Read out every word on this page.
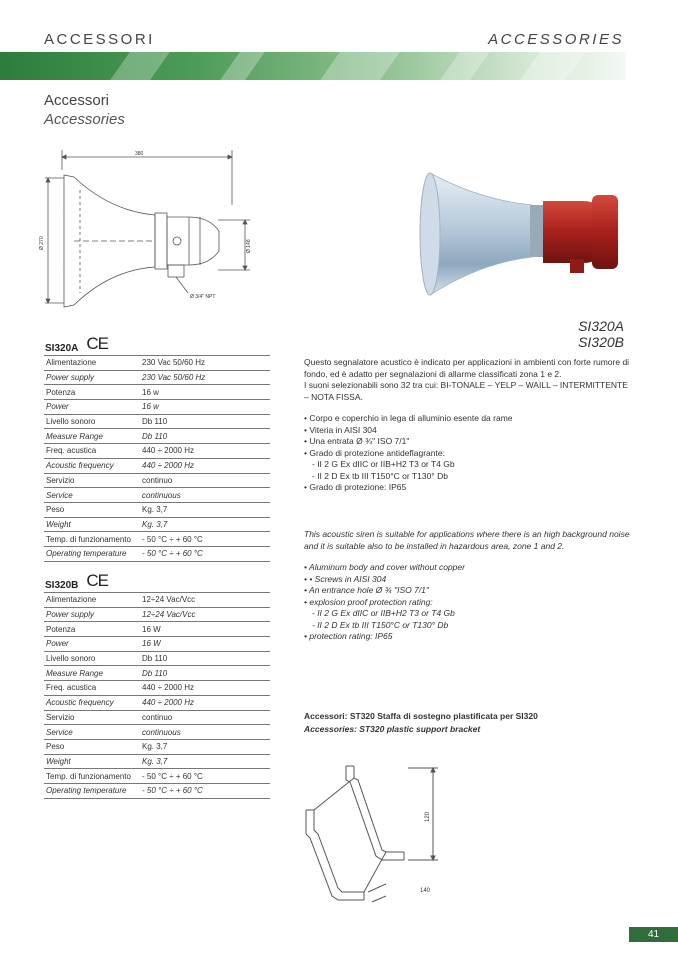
ACCESSORI	ACCESSORIES
Accessori
Accessories
380
Ø 270	Ø 148
Ø 3/4" NPT
SI320A
SI320B
SI320A CE
Alimentazione	230 Vac 50/60 Hz
Power supply	230 Vac 50/60 Hz
Potenza	16 w
Power	16 w
Livello sonoro	Db 110
Measure Range	Db 110
Freq. acustica	440 ÷ 2000 Hz
Acoustic frequency	440 ÷ 2000 Hz
Servizio	continuo
Service	continuous
Peso	Kg. 3,7
Weight	Kg. 3,7
Temp. di funzionamento	- 50 °C ÷ + 60 °C
Operating temperature	- 50 °C ÷ + 60 °C
SI320B CE
Alimentazione	12÷24 Vac/Vcc
Power supply	12÷24 Vac/Vcc
Potenza	16 W
Power	16 W
Livello sonoro	Db 110
Measure Range	Db 110
Freq. acustica	440 ÷ 2000 Hz
Acoustic frequency	440 ÷ 2000 Hz
Servizio	continuo
Service	continuous
Peso	Kg. 3,7
Weight	Kg. 3,7
Temp. di funzionamento	- 50 °C ÷ + 60 °C
Operating temperature	- 50 °C ÷ + 60 °C

Questo segnalatore acustico è indicato per applicazioni in ambienti con forte rumore di fondo, ed è adatto per segnalazioni di allarme classificati zona 1 e 2.

I suoni selezionabili sono 32 tra cui: BI-TONALE – YELP – WAILL – INTERMITTENTE – NOTA FISSA.

• Corpo e coperchio in lega di alluminio esente da rame
• Viteria in AISI 304
• Una entrata Ø ¾" ISO 7/1"
• Grado di protezione antideflagrante:
- II 2 G Ex dIIC or IIB+H2 T3 or T4 Gb
- II 2 D Ex tb III T150°C or T130° Db
• Grado di protezione: IP65

This acoustic siren is suitable for applications where there is an high background noise and it is suitable also to be installed in hazardous area, zone 1 and 2.

• Aluminum body and cover without copper
• • Screws in AISI 304
• An entrance hole Ø ¾ "ISO 7/1"
• explosion proof protection rating:
- II 2 G Ex dIIC or IIB+H2 T3 or T4 Gb
- II 2 D Ex tb III T150°C or T130° Db
• protection rating: IP65
Accessori: ST320 Staffa di sostegno plastificata per SI320
Accessories: ST320 plastic support bracket
120
140
41
